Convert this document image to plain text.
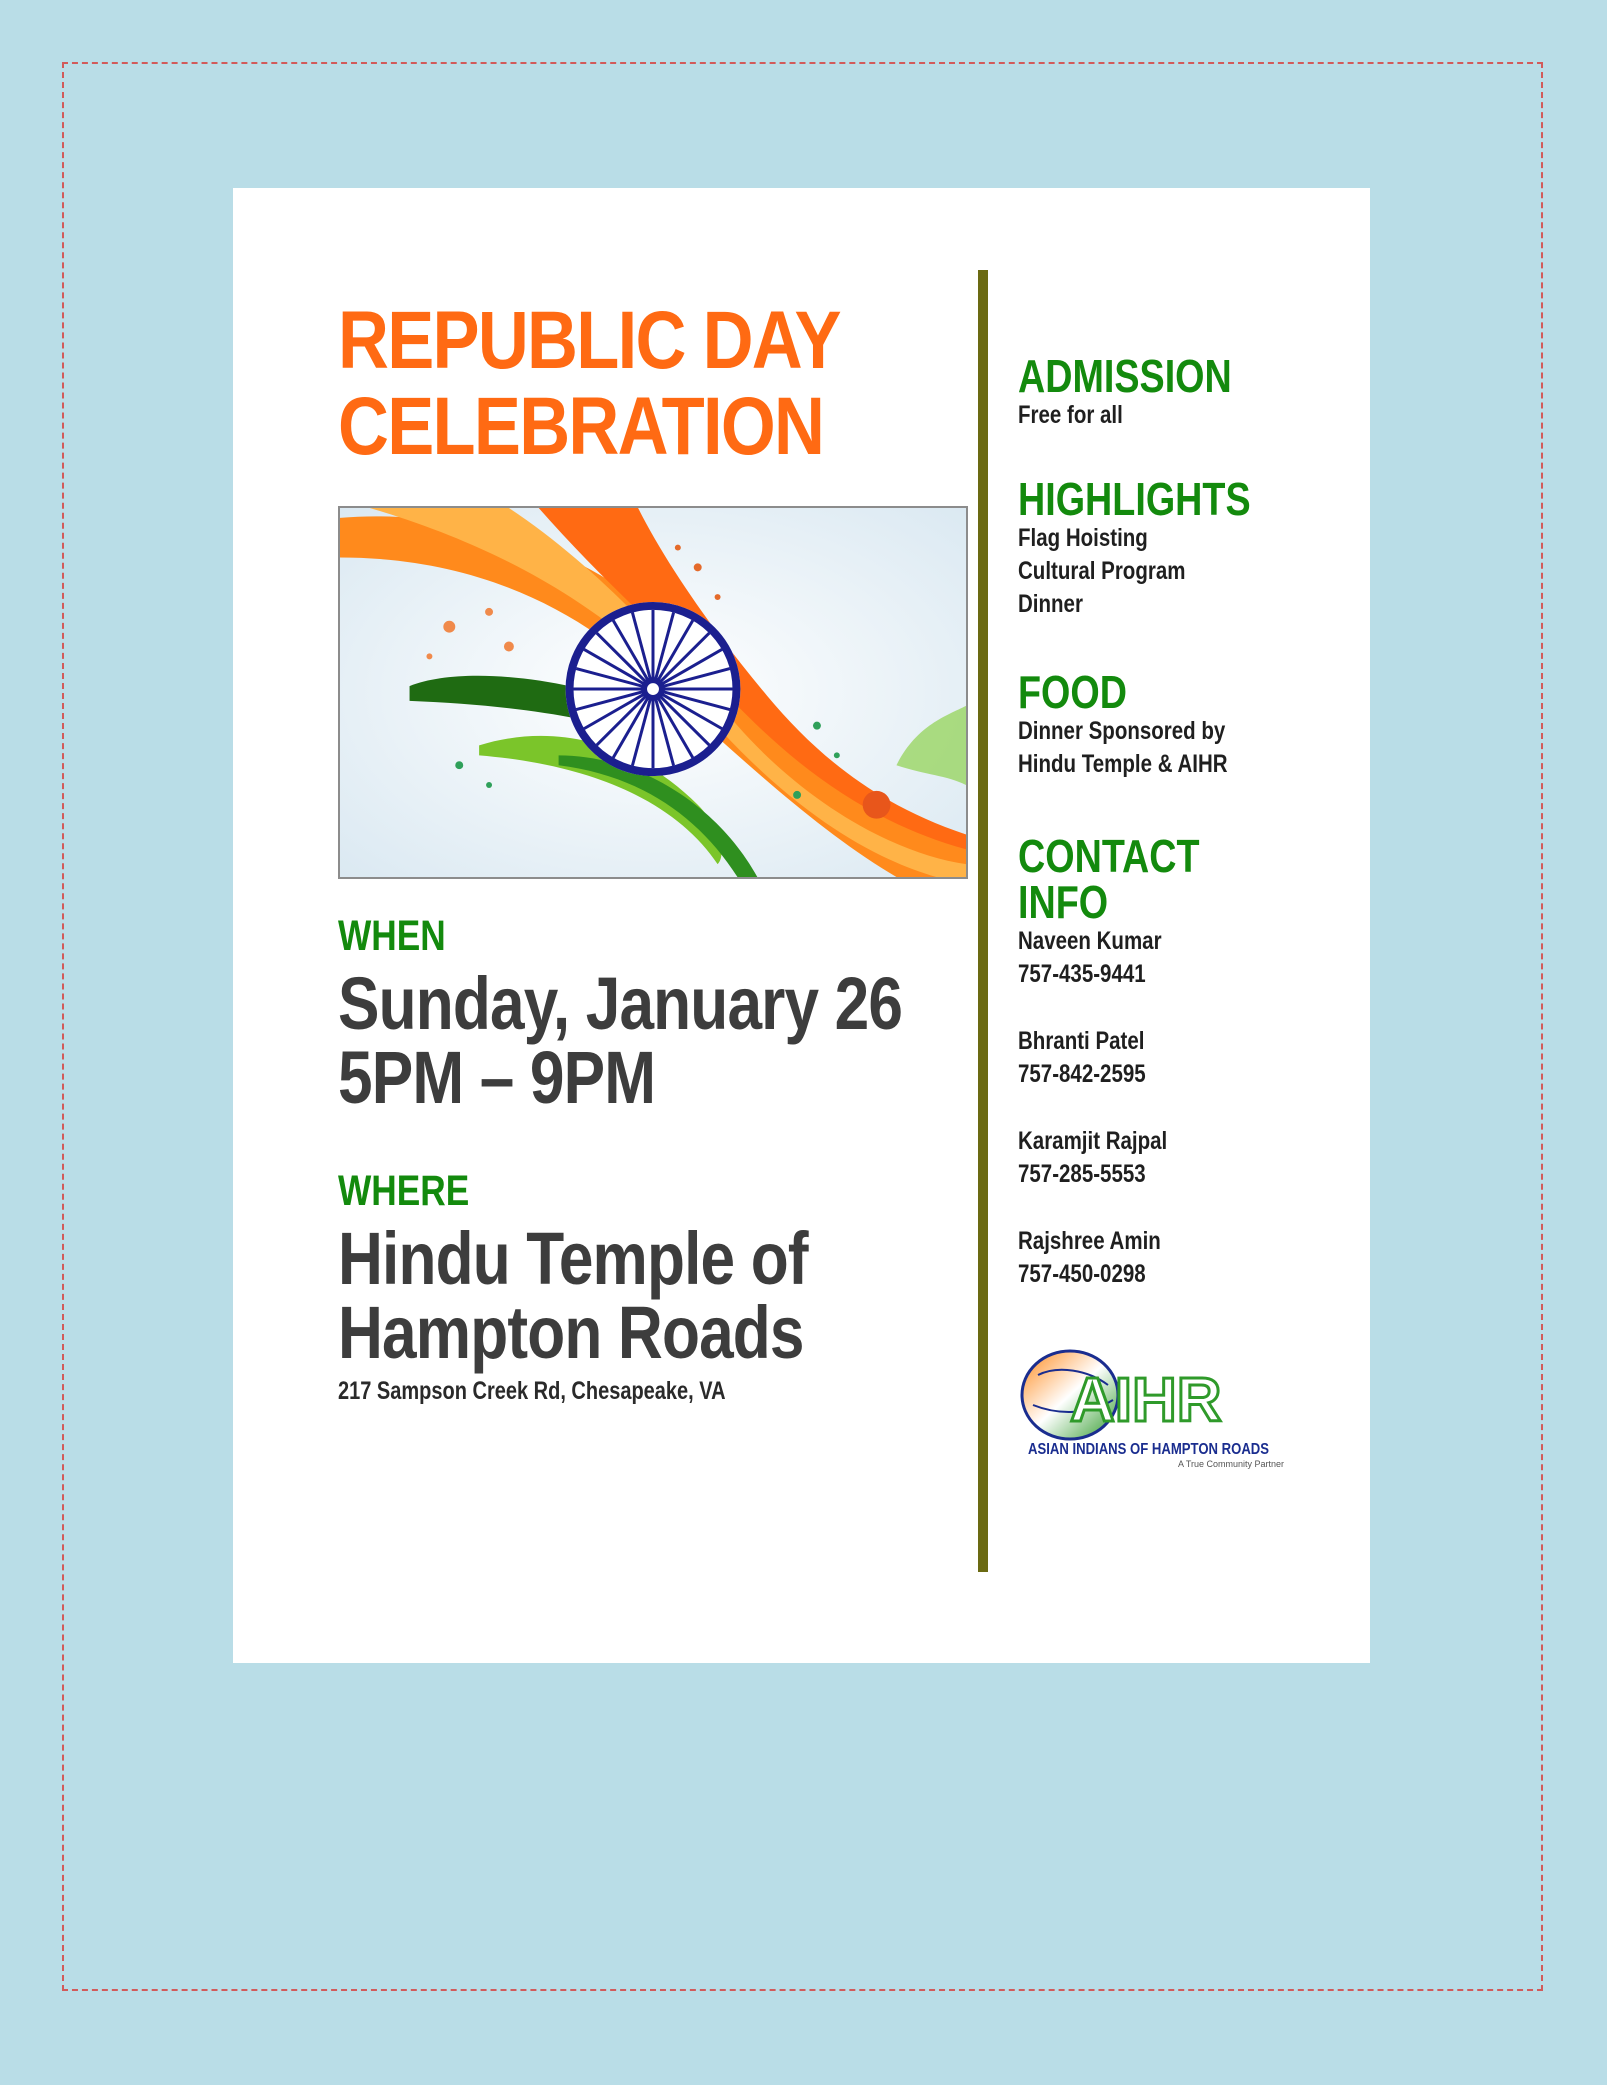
REPUBLIC DAY
CELEBRATION
WHEN
Sunday, January 26
5PM – 9PM
WHERE
Hindu Temple of
Hampton Roads
217 Sampson Creek Rd, Chesapeake, VA
ADMISSION
Free for all
HIGHLIGHTS
Flag Hoisting
Cultural Program
Dinner
FOOD
Dinner Sponsored by
Hindu Temple & AIHR
CONTACT
INFO
Naveen Kumar
757-435-9441
Bhranti Patel
757-842-2595
Karamjit Rajpal
757-285-5553
Rajshree Amin
757-450-0298
AIHR
ASIAN INDIANS OF HAMPTON ROADS
A True Community Partner
